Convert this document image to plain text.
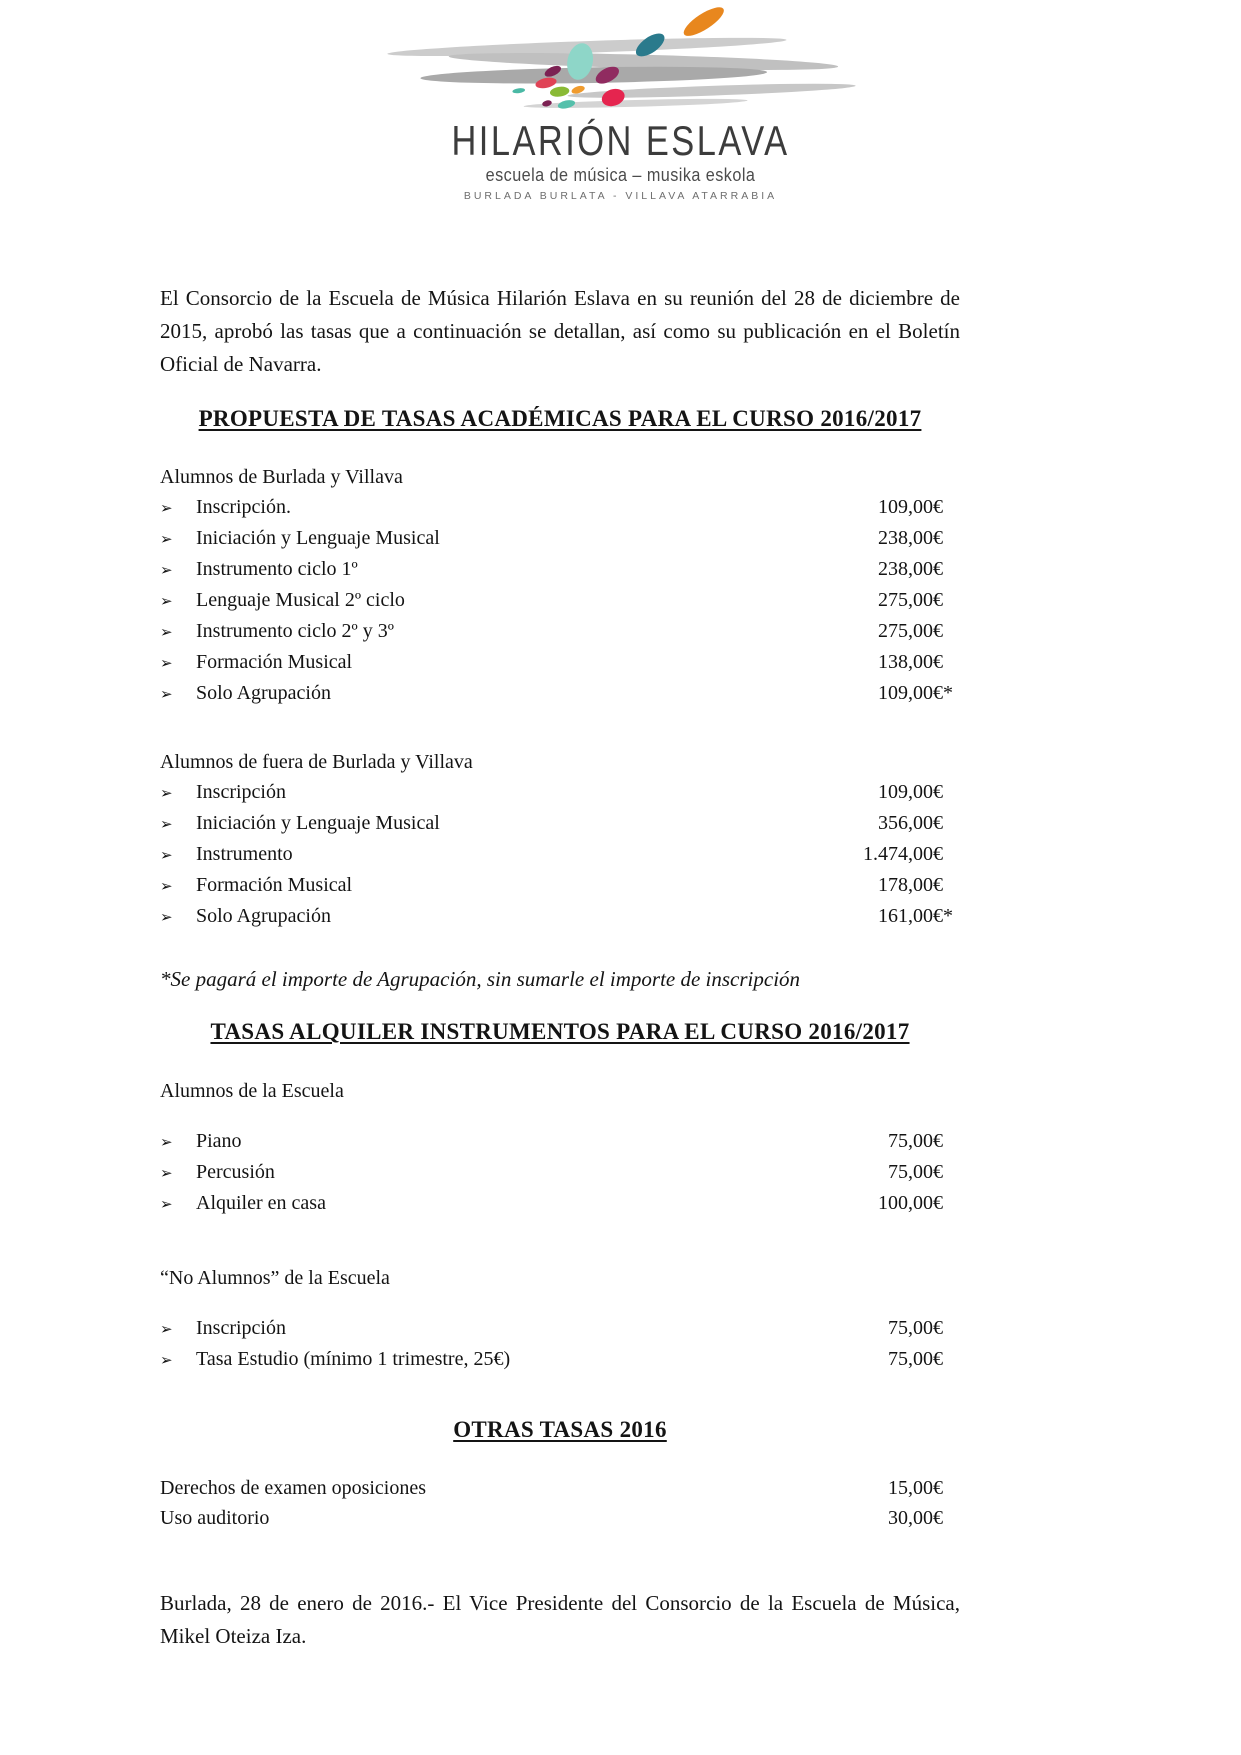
HILARIÓN ESLAVA
escuela de música – musika eskola
BURLADA BURLATA - VILLAVA ATARRABIA

El Consorcio de la Escuela de Música Hilarión Eslava en su reunión del 28 de diciembre de 2015, aprobó las tasas que a continuación se detallan, así como su publicación en el Boletín Oficial de Navarra.

PROPUESTA DE TASAS ACADÉMICAS PARA EL CURSO 2016/2017
Alumnos de Burlada y Villava
➢	Inscripción.	109,00€
➢	Iniciación y Lenguaje Musical	238,00€
➢	Instrumento ciclo 1º	238,00€
➢	Lenguaje Musical 2º ciclo	275,00€
➢	Instrumento ciclo 2º y 3º	275,00€
➢	Formación Musical	138,00€
➢	Solo Agrupación	109,00€*
Alumnos de fuera de Burlada y Villava
➢	Inscripción	109,00€
➢	Iniciación y Lenguaje Musical	356,00€
➢	Instrumento	1.474,00€
➢	Formación Musical	178,00€
➢	Solo Agrupación	161,00€*
*Se pagará el importe de Agrupación, sin sumarle el importe de inscripción
TASAS ALQUILER INSTRUMENTOS PARA EL CURSO 2016/2017
Alumnos de la Escuela
➢	Piano	75,00€
➢	Percusión	75,00€
➢	Alquiler en casa	100,00€
“No Alumnos” de la Escuela
➢	Inscripción	75,00€
➢	Tasa Estudio (mínimo 1 trimestre, 25€)	75,00€
OTRAS TASAS 2016
Derechos de examen oposiciones	15,00€
Uso auditorio	30,00€

Burlada, 28 de enero de 2016.- El Vice Presidente del Consorcio de la Escuela de Música, Mikel Oteiza Iza.
